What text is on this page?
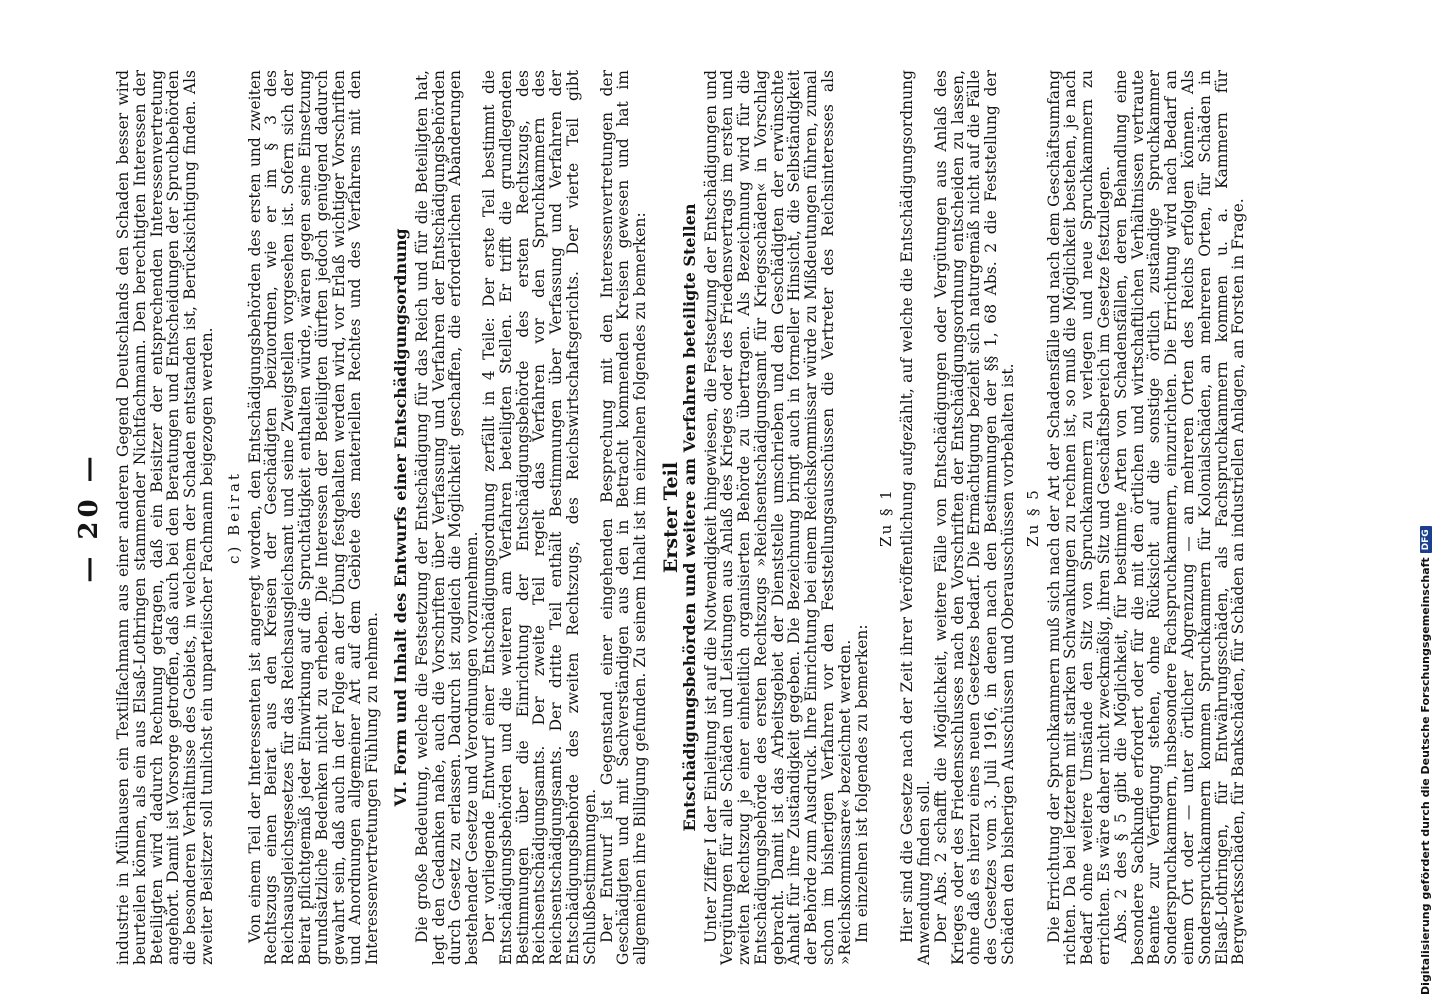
— 20 — industrie in Mülhausen ein Textilfachmann aus einer anderen Gegend Deutschlands den Schaden besser wird beurteilen können, als ein aus Elsaß-Lothringen stammender Nichtfachmann. Den berechtigten Interessen der Beteiligten wird dadurch Rechnung getragen, daß ein Beisitzer der entsprechenden Interessenvertretung angehört. Damit ist Vorsorge getroffen, daß auch bei den Beratungen und Entscheidungen der Spruchbehörden die besonderen Verhältnisse des Gebiets, in welchem der Schaden entstanden ist, Berücksichtigung finden. Als zweiter Beisitzer soll tunlichst ein unparteiischer Fachmann beigezogen werden. c) Beirat Von einem Teil der Interessenten ist angeregt worden, den Entschädigungsbehörden des ersten und zweiten Rechtszugs einen Beirat aus den Kreisen der Geschädigten beizuordnen, wie er im § 3 des Reichsausgleichsgesetzes für das Reichsausgleichsamt und seine Zweigstellen vorgesehen ist. Sofern sich der Beirat pflichtgemäß jeder Einwirkung auf die Spruchtätigkeit enthalten würde, wären gegen seine Einsetzung grundsätzliche Bedenken nicht zu erheben. Die Interessen der Beteiligten dürften jedoch genügend dadurch gewahrt sein, daß auch in der Folge an der Übung festgehalten werden wird, vor Erlaß wichtiger Vorschriften und Anordnungen allgemeiner Art auf dem Gebiete des materiellen Rechtes und des Verfahrens mit den Interessenvertretungen Fühlung zu nehmen. VI. Form und Inhalt des Entwurfs einer Entschädigungsordnung Die große Bedeutung, welche die Festsetzung der Entschädigung für das Reich und für die Beteiligten hat, legt den Gedanken nahe, auch die Vorschriften über Verfassung und Verfahren der Entschädigungsbehörden durch Gesetz zu erlassen. Dadurch ist zugleich die Möglichkeit geschaffen, die erforderlichen Abänderungen bestehender Gesetze und Verordnungen vorzunehmen.

Der vorliegende Entwurf einer Entschädigungsordnung zerfällt in 4 Teile: Der erste Teil bestimmt die Entschädigungsbehörden und die weiteren am Verfahren beteiligten Stellen. Er trifft die grundlegenden Bestimmungen über die Einrichtung der Entschädigungsbehörde des ersten Rechtszugs, des Reichsentschädigungsamts. Der zweite Teil regelt das Verfahren vor den Spruchkammern des Reichsentschädigungsamts. Der dritte Teil enthält Bestimmungen über Verfassung und Verfahren der Entschädigungsbehörde des zweiten Rechtszugs, des Reichswirtschaftsgerichts. Der vierte Teil gibt Schlußbestimmungen.

Der Entwurf ist Gegenstand einer eingehenden Besprechung mit den Interessenvertretungen der Geschädigten und mit Sachverständigen aus den in Betracht kommenden Kreisen gewesen und hat im allgemeinen ihre Billigung gefunden. Zu seinem Inhalt ist im einzelnen folgendes zu bemerken: Erster Teil
Entschädigungsbehörden und weitere am Verfahren beteiligte Stellen Unter Ziffer I der Einleitung ist auf die Notwendigkeit hingewiesen, die Festsetzung der Entschädigungen und Vergütungen für alle Schäden und Leistungen aus Anlaß des Krieges oder des Friedensvertrags im ersten und zweiten Rechtszug je einer einheitlich organisierten Behörde zu übertragen. Als Bezeichnung wird für die Entschädigungsbehörde des ersten Rechtszugs »Reichsentschädigungsamt für Kriegsschäden« in Vorschlag gebracht. Damit ist das Arbeitsgebiet der Dienststelle umschrieben und den Geschädigten der erwünschte Anhalt für ihre Zuständigkeit gegeben. Die Bezeichnung bringt auch in formeller Hinsicht, die Selbständigkeit der Behörde zum Ausdruck. Ihre Einrichtung bei einem Reichskommissar würde zu Mißdeutungen führen, zumal schon im bisherigen Verfahren vor den Feststellungsausschüssen die Vertreter des Reichsinteresses als »Reichskommissare« bezeichnet werden.

Im einzelnen ist folgendes zu bemerken:

Zu § 1 Hier sind die Gesetze nach der Zeit ihrer Veröffentlichung aufgezählt, auf welche die Entschädigungsordnung Anwendung finden soll.

Der Abs. 2 schafft die Möglichkeit, weitere Fälle von Entschädigungen oder Vergütungen aus Anlaß des Krieges oder des Friedensschlusses nach den Vorschriften der Entschädigungsordnung entscheiden zu lassen, ohne daß es hierzu eines neuen Gesetzes bedarf. Die Ermächtigung bezieht sich naturgemäß nicht auf die Fälle des Gesetzes vom 3. Juli 1916, in denen nach den Bestimmungen der §§ 1, 68 Abs. 2 die Feststellung der Schäden den bisherigen Ausschüssen und Oberausschüssen vorbehalten ist. Zu § 5 Die Errichtung der Spruchkammern muß sich nach der Art der Schadensfälle und nach dem Geschäftsumfang richten. Da bei letzterem mit starken Schwankungen zu rechnen ist, so muß die Möglichkeit bestehen, je nach Bedarf ohne weitere Umstände den Sitz von Spruchkammern zu verlegen und neue Spruchkammern zu errichten. Es wäre daher nicht zweckmäßig, ihren Sitz und Geschäftsbereich im Gesetze festzulegen.

Abs. 2 des § 5 gibt die Möglichkeit, für bestimmte Arten von Schadensfällen, deren Behandlung eine besondere Sachkunde erfordert oder für die mit den örtlichen und wirtschaftlichen Verhältnissen vertraute Beamte zur Verfügung stehen, ohne Rücksicht auf die sonstige örtlich zuständige Spruchkammer Sonderspruchkammern, insbesondere Fachspruchkammern, einzurichten. Die Errichtung wird nach Bedarf an einem Ort oder — unter örtlicher Abgrenzung — an mehreren Orten des Reichs erfolgen können. Als Sonderspruchkammern kommen Spruchkammern für Kolonialschäden, an mehreren Orten, für Schäden in Elsaß-Lothringen, für Entwährungsschäden, als Fachspruchkammern kommen u. a. Kammern für Bergwerksschäden, für Bankschäden, für Schäden an industriellen Anlagen, an Forsten in Frage.	Digitalisierung gefördert durch die Deutsche Forschungsgemeinschaft
DFG
